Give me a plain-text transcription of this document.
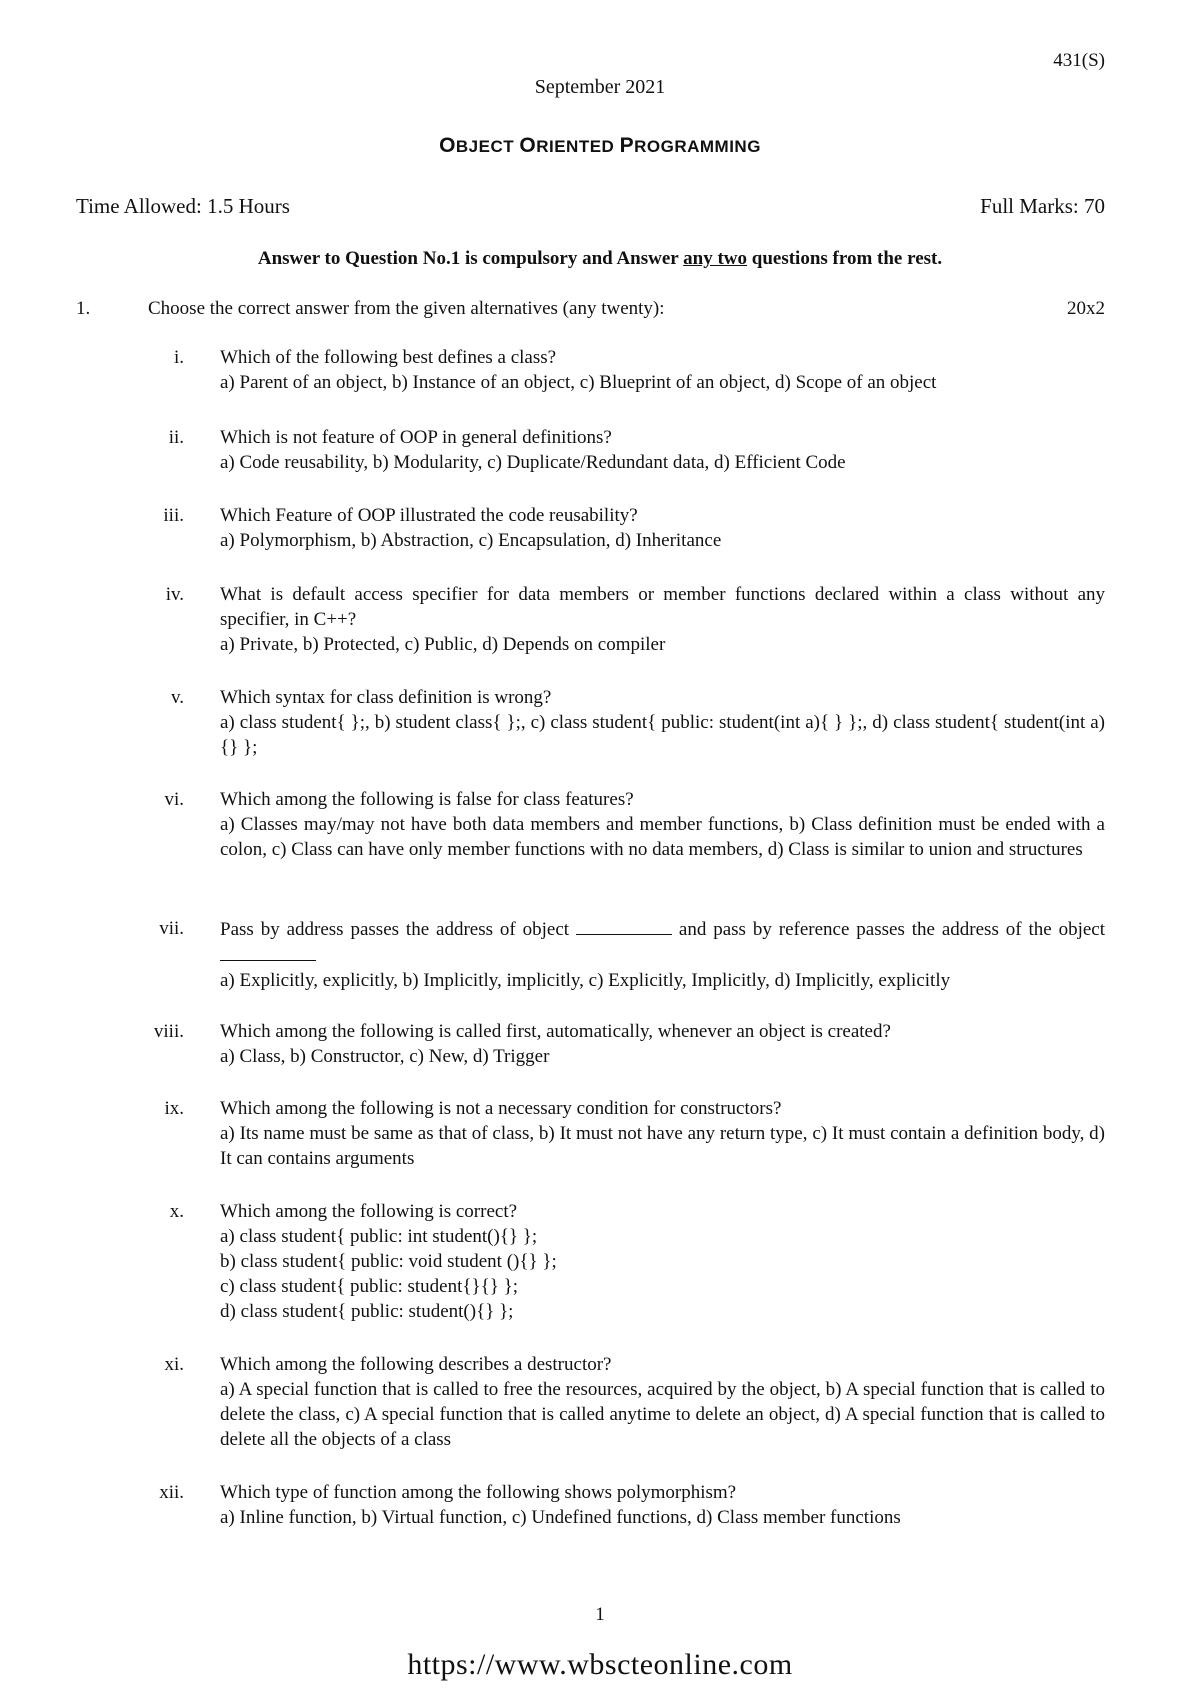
431(S)
September 2021
OBJECT ORIENTED PROGRAMMING
Time Allowed: 1.5 Hours	Full Marks: 70
Answer to Question No.1 is compulsory and Answer any two questions from the rest.
1.	Choose the correct answer from the given alternatives (any twenty):	20x2
i.	Which of the following best defines a class?
a) Parent of an object, b) Instance of an object, c) Blueprint of an object, d) Scope of an object
ii.	Which is not feature of OOP in general definitions?
a) Code reusability, b) Modularity, c) Duplicate/Redundant data, d) Efficient Code
iii.	Which Feature of OOP illustrated the code reusability?
a) Polymorphism, b) Abstraction, c) Encapsulation, d) Inheritance
iv.	What is default access specifier for data members or member functions declared within a class without any specifier, in C++?
a) Private, b) Protected, c) Public, d) Depends on compiler
v.	Which syntax for class definition is wrong?
a) class student{ };, b) student class{ };, c) class student{ public: student(int a){ } };, d) class student{ student(int a){} };
vi.	Which among the following is false for class features?
a) Classes may/may not have both data members and member functions, b) Class definition must be ended with a colon, c) Class can have only member functions with no data members, d) Class is similar to union and structures
vii.	Pass by address passes the address of object	and pass by reference passes the address of the object
a) Explicitly, explicitly, b) Implicitly, implicitly, c) Explicitly, Implicitly, d) Implicitly, explicitly
viii.	Which among the following is called first, automatically, whenever an object is created?
a) Class, b) Constructor, c) New, d) Trigger
ix.	Which among the following is not a necessary condition for constructors?
a) Its name must be same as that of class, b) It must not have any return type, c) It must contain a definition body, d) It can contains arguments
x.	Which among the following is correct?
a) class student{ public: int student(){} };
b) class student{ public: void student (){} };
c) class student{ public: student{}{} };
d) class student{ public: student(){} };
xi.	Which among the following describes a destructor?
a) A special function that is called to free the resources, acquired by the object, b) A special function that is called to delete the class, c) A special function that is called anytime to delete an object, d) A special function that is called to delete all the objects of a class
xii.	Which type of function among the following shows polymorphism?
a) Inline function, b) Virtual function, c) Undefined functions, d) Class member functions
1
https://www.wbscteonline.com
